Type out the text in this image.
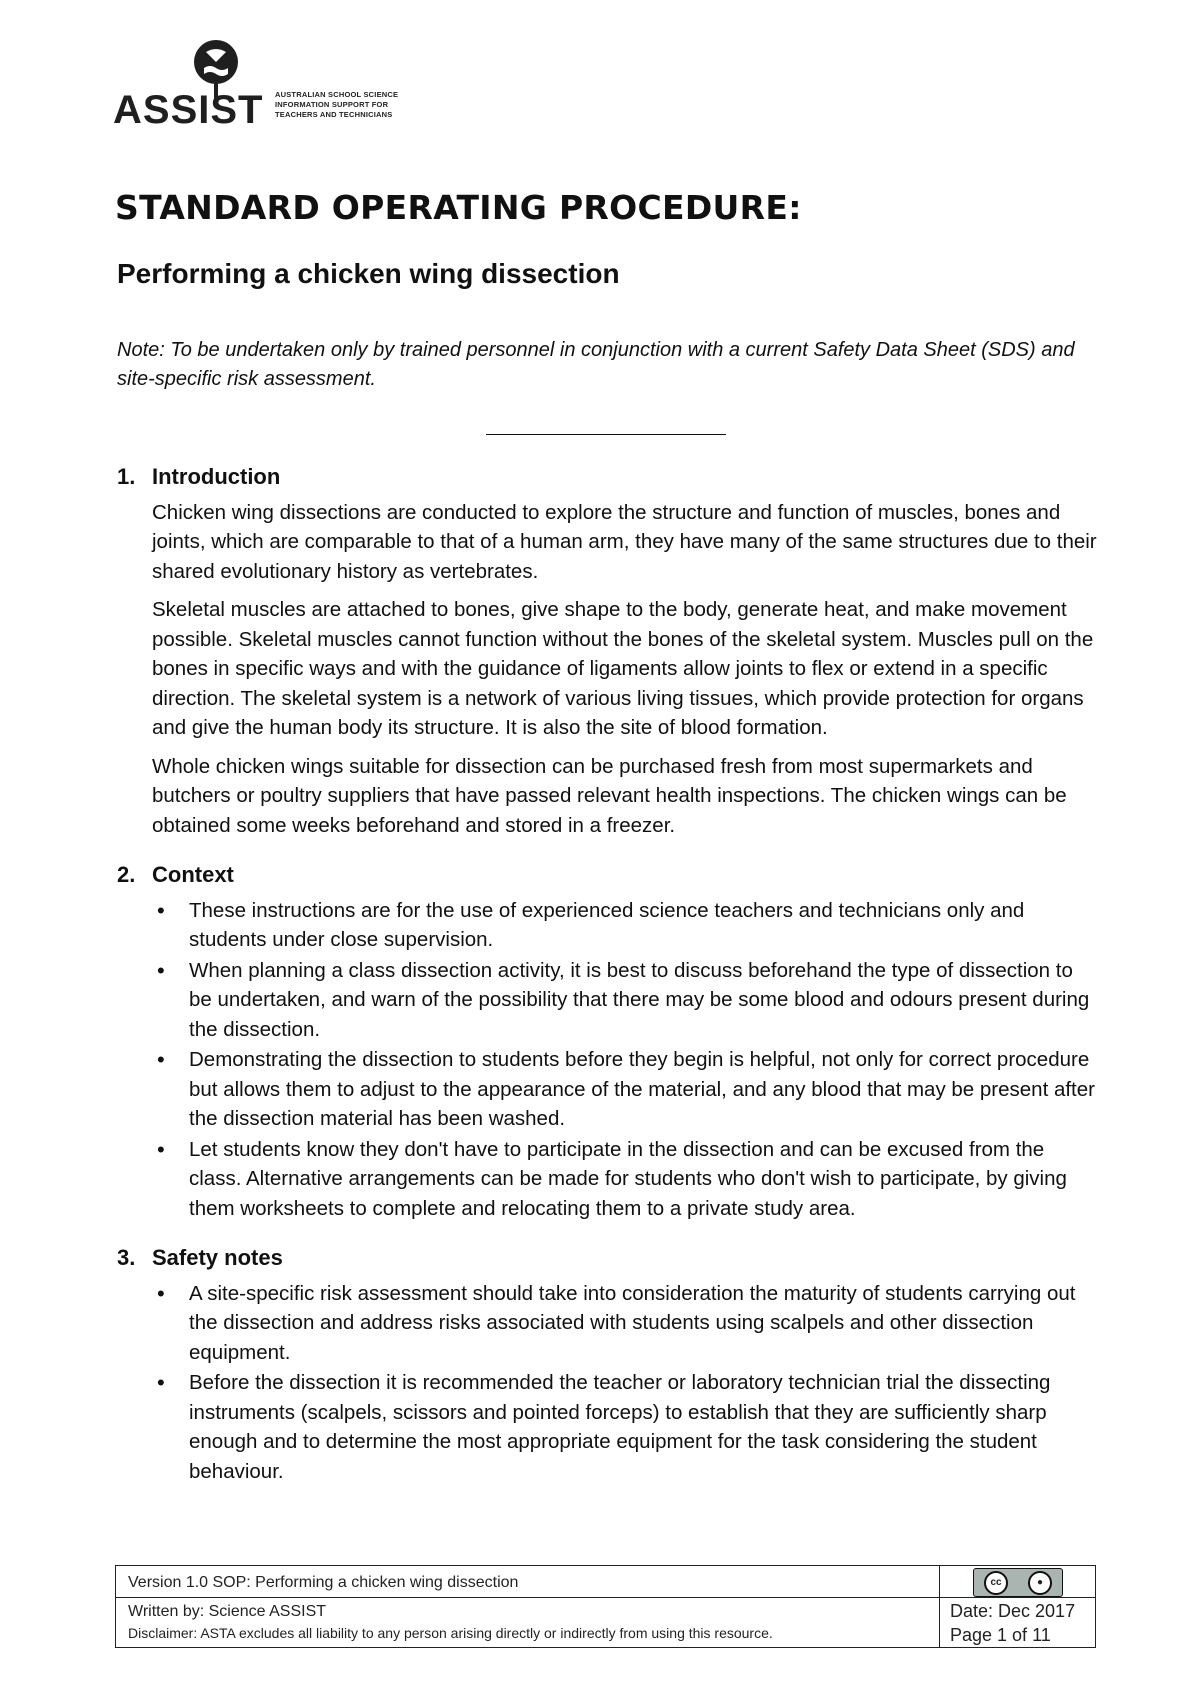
ASSIST AUSTRALIAN SCHOOL SCIENCE INFORMATION SUPPORT FOR TEACHERS AND TECHNICIANS
STANDARD OPERATING PROCEDURE:
Performing a chicken wing dissection

Note: To be undertaken only by trained personnel in conjunction with a current Safety Data Sheet (SDS) and site-specific risk assessment.

1. Introduction

Chicken wing dissections are conducted to explore the structure and function of muscles, bones and joints, which are comparable to that of a human arm, they have many of the same structures due to their shared evolutionary history as vertebrates.

Skeletal muscles are attached to bones, give shape to the body, generate heat, and make movement possible. Skeletal muscles cannot function without the bones of the skeletal system. Muscles pull on the bones in specific ways and with the guidance of ligaments allow joints to flex or extend in a specific direction. The skeletal system is a network of various living tissues, which provide protection for organs and give the human body its structure. It is also the site of blood formation.

Whole chicken wings suitable for dissection can be purchased fresh from most supermarkets and butchers or poultry suppliers that have passed relevant health inspections. The chicken wings can be obtained some weeks beforehand and stored in a freezer.

2. Context
• These instructions are for the use of experienced science teachers and technicians only and students under close supervision.
• When planning a class dissection activity, it is best to discuss beforehand the type of dissection to be undertaken, and warn of the possibility that there may be some blood and odours present during the dissection.
• Demonstrating the dissection to students before they begin is helpful, not only for correct procedure but allows them to adjust to the appearance of the material, and any blood that may be present after the dissection material has been washed.
• Let students know they don't have to participate in the dissection and can be excused from the class. Alternative arrangements can be made for students who don't wish to participate, by giving them worksheets to complete and relocating them to a private study area.
3. Safety notes
• A site-specific risk assessment should take into consideration the maturity of students carrying out the dissection and address risks associated with students using scalpels and other dissection equipment.
• Before the dissection it is recommended the teacher or laboratory technician trial the dissecting instruments (scalpels, scissors and pointed forceps) to establish that they are sufficiently sharp enough and to determine the most appropriate equipment for the task considering the student behaviour.
Version 1.0 SOP: Performing a chicken wing dissection
Written by: Science ASSIST
Disclaimer: ASTA excludes all liability to any person arising directly or indirectly from using this resource.
cc	●
Date: Dec 2017
Page 1 of 11
